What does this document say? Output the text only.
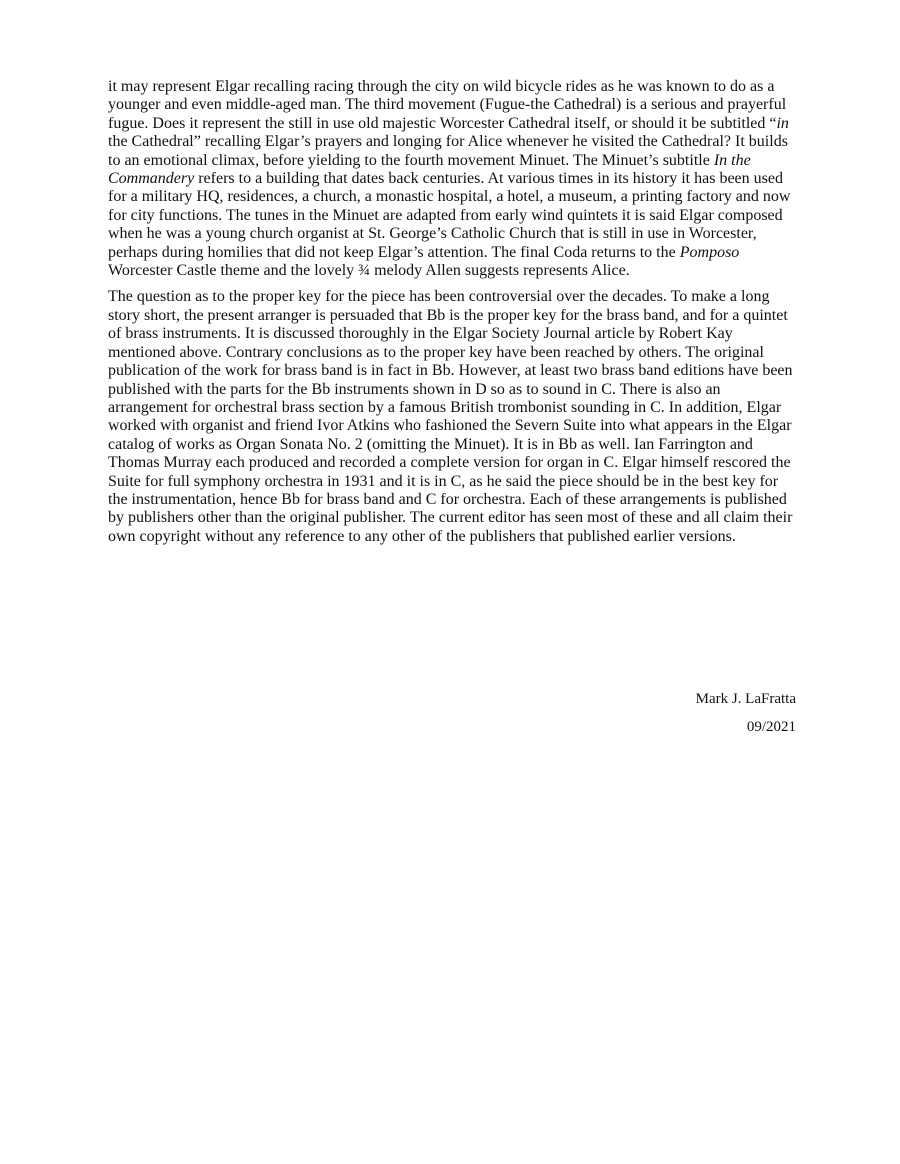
it may represent Elgar recalling racing through the city on wild bicycle rides as he was known to do as a younger and even middle-aged man. The third movement (Fugue-the Cathedral) is a serious and prayerful fugue. Does it represent the still in use old majestic Worcester Cathedral itself, or should it be subtitled “in the Cathedral” recalling Elgar’s prayers and longing for Alice whenever he visited the Cathedral? It builds to an emotional climax, before yielding to the fourth movement Minuet. The Minuet’s subtitle In the Commandery refers to a building that dates back centuries. At various times in its history it has been used for a military HQ, residences, a church, a monastic hospital, a hotel, a museum, a printing factory and now for city functions. The tunes in the Minuet are adapted from early wind quintets it is said Elgar composed when he was a young church organist at St. George’s Catholic Church that is still in use in Worcester, perhaps during homilies that did not keep Elgar’s attention. The final Coda returns to the Pomposo Worcester Castle theme and the lovely ¾ melody Allen suggests represents Alice.

The question as to the proper key for the piece has been controversial over the decades. To make a long story short, the present arranger is persuaded that Bb is the proper key for the brass band, and for a quintet of brass instruments. It is discussed thoroughly in the Elgar Society Journal article by Robert Kay mentioned above. Contrary conclusions as to the proper key have been reached by others. The original publication of the work for brass band is in fact in Bb. However, at least two brass band editions have been published with the parts for the Bb instruments shown in D so as to sound in C. There is also an arrangement for orchestral brass section by a famous British trombonist sounding in C. In addition, Elgar worked with organist and friend Ivor Atkins who fashioned the Severn Suite into what appears in the Elgar catalog of works as Organ Sonata No. 2 (omitting the Minuet). It is in Bb as well. Ian Farrington and Thomas Murray each produced and recorded a complete version for organ in C. Elgar himself rescored the Suite for full symphony orchestra in 1931 and it is in C, as he said the piece should be in the best key for the instrumentation, hence Bb for brass band and C for orchestra. Each of these arrangements is published by publishers other than the original publisher. The current editor has seen most of these and all claim their own copyright without any reference to any other of the publishers that published earlier versions.

Mark J. LaFratta
09/2021
